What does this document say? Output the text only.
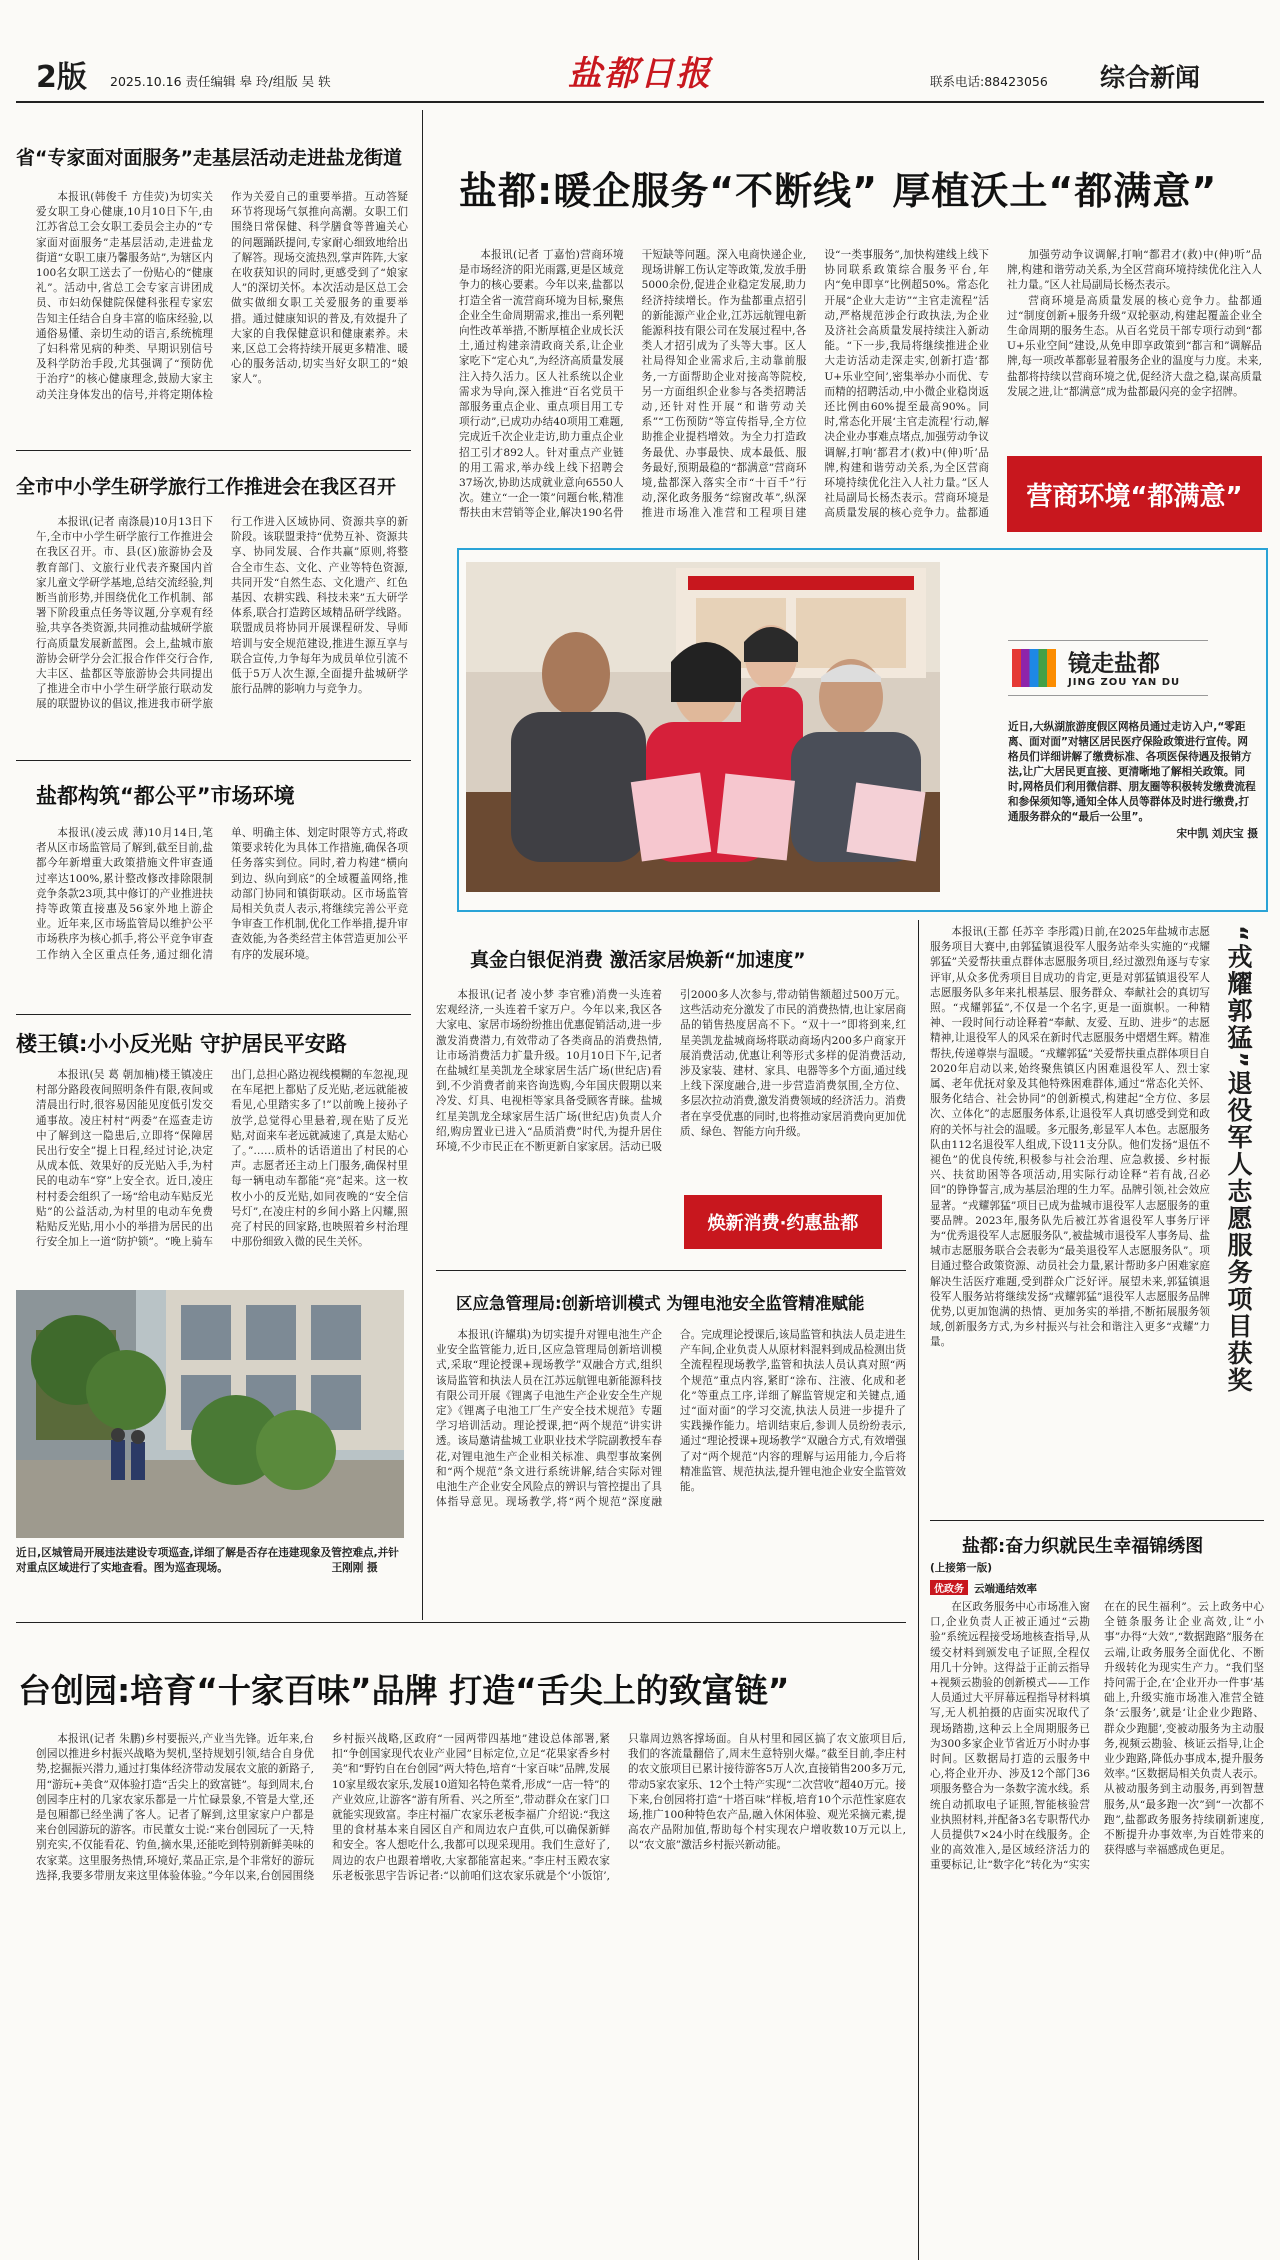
2版 2025.10.16 责任编辑 皋 玲/组版 吴 轶	盐都日报	联系电话:88423056 综合新闻
省“专家面对面服务”走基层活动走进盐龙街道

本报讯(韩俊千 方佳荧)为切实关爱女职工身心健康,10月10日下午,由江苏省总工会女职工委员会主办的“专家面对面服务”走基层活动,走进盐龙街道“女职工康乃馨服务站”,为辖区内100名女职工送去了一份贴心的“健康礼”。活动中,省总工会专家言讲团成员、市妇幼保健院保健科张程专家宏告知主任结合自身丰富的临床经验,以通俗易懂、亲切生动的语言,系统梳理了妇科常见病的种类、早期识别信号及科学防治手段,尤其强调了“预防优于治疗”的核心健康理念,鼓励大家主动关注身体发出的信号,并将定期体检作为关爱自己的重要举措。互动答疑环节将现场气氛推向高潮。女职工们围绕日常保健、科学膳食等普遍关心的问题踊跃提问,专家耐心细致地给出了解答。现场交流热烈,掌声阵阵,大家在收获知识的同时,更感受到了“娘家人”的深切关怀。本次活动是区总工会做实做细女职工关爱服务的重要举措。通过健康知识的普及,有效提升了大家的自我保健意识和健康素养。未来,区总工会将持续开展更多精准、暖心的服务活动,切实当好女职工的“娘家人”。

全市中小学生研学旅行工作推进会在我区召开

本报讯(记者 南涤晨)10月13日下午,全市中小学生研学旅行工作推进会在我区召开。市、县(区)旅游协会及教育部门、文旅行业代表齐聚国内首家儿童文学研学基地,总结交流经验,判断当前形势,并围绕优化工作机制、部署下阶段重点任务等议题,分享观有经验,共享各类资源,共同推动盐城研学旅行高质量发展新蓝图。会上,盐城市旅游协会研学分会汇报合作伴交行合作,大丰区、盐都区等旅游协会共同提出了推进全市中小学生研学旅行联动发展的联盟协议的倡议,推进我市研学旅行工作进入区域协同、资源共享的新阶段。该联盟秉持“优势互补、资源共享、协同发展、合作共赢”原则,将整合全市生态、文化、产业等特色资源,共同开发“自然生态、文化遗产、红色基因、农耕实践、科技未来”五大研学体系,联合打造跨区域精品研学线路。联盟成员将协同开展课程研发、导师培训与安全规范建设,推进生源互享与联合宣传,力争每年为成员单位引流不低于5万人次生源,全面提升盐城研学旅行品牌的影响力与竞争力。

盐都构筑“都公平”市场环境

本报讯(凌云成 薄)10月14日,笔者从区市场监管局了解到,截至目前,盐都今年新增重大政策措施文件审查通过率达100%,累计整改修改排除限制竞争条款23项,其中修订的产业推进扶持等政策直接惠及56家外地上游企业。近年来,区市场监管局以维护公平市场秩序为核心抓手,将公平竞争审查工作纳入全区重点任务,通过细化清单、明确主体、划定时限等方式,将政策要求转化为具体工作措施,确保各项任务落实到位。同时,着力构建“横向到边、纵向到底”的全域覆盖网络,推动部门协同和镇街联动。区市场监管局相关负责人表示,将继续完善公平竞争审查工作机制,优化工作举措,提升审查效能,为各类经营主体营造更加公平有序的发展环境。

楼王镇:小小反光贴 守护居民平安路

本报讯(吴 葛 朝加楠)楼王镇凌庄村部分路段夜间照明条件有限,夜间或清晨出行时,很容易因能见度低引发交通事故。凌庄村村“两委”在巡查走访中了解到这一隐患后,立即将“保障居民出行安全”提上日程,经过讨论,决定从成本低、效果好的反光贴入手,为村民的电动车“穿”上安全衣。近日,凌庄村村委会组织了一场“给电动车贴反光贴”的公益活动,为村里的电动车免费粘贴反光贴,用小小的举措为居民的出行安全加上一道“防护锁”。“晚上骑车出门,总担心路边视线模糊的车忽视,现在车尾把上都贴了反光贴,老远就能被看见,心里踏实多了!”以前晚上接孙子放学,总觉得心里悬着,现在贴了反光贴,对面来车老远就减速了,真是太贴心了。”……质朴的话语道出了村民的心声。志愿者还主动上门服务,确保村里每一辆电动车都能“亮”起来。这一枚枚小小的反光贴,如同夜晚的“安全信号灯”,在凌庄村的乡间小路上闪耀,照亮了村民的回家路,也映照着乡村治理中那份细致入微的民生关怀。

近日,区城管局开展违法建设专项巡查,详细了解是否存在违建现象及管控难点,并针对重点区域进行了实地查看。图为巡查现场。	王刚刚 摄
盐都:暖企服务“不断线” 厚植沃土“都满意”

本报讯(记者 丁嘉怡)营商环境是市场经济的阳光雨露,更是区域竞争力的核心要素。今年以来,盐都以打造全省一流营商环境为目标,聚焦企业全生命周期需求,推出一系列靶向性改革举措,不断厚植企业成长沃土,通过构建亲清政商关系,让企业家吃下“定心丸”,为经济高质量发展注入持久活力。区人社系统以企业需求为导向,深入推进“百名党员干部服务重点企业、重点项目用工专项行动”,已成功办结40项用工难题,完成近千次企业走访,助力重点企业招工引才892人。针对重点产业链的用工需求,举办线上线下招聘会37场次,协助达成就业意向6550人次。建立“一企一策”问题台帐,精准帮扶由末营销等企业,解决190名骨干短缺等问题。深入电商快递企业,现场讲解工伤认定等政策,发放手册5000余份,促进企业稳定发展,助力经济持续增长。作为盐都重点招引的新能源产业企业,江苏远航锂电新能源科技有限公司在发展过程中,各类人才招引成为了头等大事。区人社局得知企业需求后,主动靠前服务,一方面帮助企业对接高等院校,另一方面组织企业参与各类招聘活动,还针对性开展“和谐劳动关系”“工伤预防”等宣传指导,全方位助推企业提档增效。为全力打造政务最优、办事最快、成本最低、服务最好,预期最稳的“都满意”营商环境,盐都深入落实全市“十百千”行动,深化政务服务“综窗改革”,纵深推进市场准入准营和工程项目建设“一类事服务”,加快构建线上线下协同联系政策综合服务平台,年内“免申即享”比例超50%。常态化开展“企业大走访”“主官走流程”活动,严格规范涉企行政执法,为企业及济社会高质量发展持续注入新动能。“下一步,我局将继续推进企业大走访活动走深走实,创新打造‘都U+乐业空间’,密集举办小而优、专而精的招聘活动,中小微企业稳岗返还比例由60%提至最高90%。同时,常态化开展‘主官走流程’行动,解决企业办事难点堵点,加强劳动争议调解,打响‘都君才(救)中(伸)听’品牌,构建和谐劳动关系,为全区营商环境持续优化注入人社力量。”区人社局副局长杨杰表示。营商环境是高质量发展的核心竞争力。盐都通

加强劳动争议调解,打响“都君才(救)中(伸)听”品牌,构建和谐劳动关系,为全区营商环境持续优化注入人社力量。”区人社局副局长杨杰表示。

营商环境是高质量发展的核心竞争力。盐都通过“制度创新+服务升级”双轮驱动,构建起覆盖企业全生命周期的服务生态。从百名党员干部专项行动到“都U+乐业空间”建设,从免申即享政策到“都言和”调解品牌,每一项改革都彰显着服务企业的温度与力度。未来,盐都将持续以营商环境之优,促经济大盘之稳,谋高质量发展之进,让“都满意”成为盐都最闪亮的金字招牌。

营商环境“都满意”
镜走盐都
JING ZOU YAN DU
近日,大纵湖旅游度假区网格员通过走访入户,“零距离、面对面”对辖区居民医疗保险政策进行宣传。网格员们详细讲解了缴费标准、各项医保待遇及报销方法,让广大居民更直接、更清晰地了解相关政策。同时,网格员们利用微信群、朋友圈等积极转发缴费流程和参保须知等,通知全体人员等群体及时进行缴费,打通服务群众的“最后一公里”。
宋中凯 刘庆宝 摄
真金白银促消费 激活家居焕新“加速度”

本报讯(记者 凌小梦 李官雅)消费一头连着宏观经济,一头连着千家万户。今年以来,我区各大家电、家居市场纷纷推出优惠促销活动,进一步激发消费潜力,有效带动了各类商品的消费热情,让市场消费活力扩量升级。10月10日下午,记者在盐城红星美凯龙全球家居生活广场(世纪店)看到,不少消费者前来咨询选购,今年国庆假期以来冷发、灯具、电视柜等家具备受顾客青睐。盐城红星美凯龙全球家居生活广场(世纪店)负责人介绍,购房置业已进入“品质消费”时代,为提升居住环境,不少市民正在不断更新自家家居。活动已吸引2000多人次参与,带动销售额超过500万元。这些活动充分激发了市民的消费热情,也让家居商品的销售热度居高不下。“双十一”即将到来,红星美凯龙盐城商场将联动商场内200多户商家开展消费活动,优惠让利等形式多样的促消费活动,涉及家装、建材、家具、电器等多个方面,通过线上线下深度融合,进一步营造消费氛围,全方位、多层次拉动消费,激发消费领域的经济活力。消费者在享受优惠的同时,也将推动家居消费向更加优质、绿色、智能方向升级。

焕新消费·约惠盐都
区应急管理局:创新培训模式 为锂电池安全监管精准赋能

本报讯(许耀琪)为切实提升对锂电池生产企业安全监管能力,近日,区应急管理局创新培训模式,采取“理论授课+现场教学”双融合方式,组织该局监管和执法人员在江苏远航锂电新能源科技有限公司开展《锂离子电池生产企业安全生产规定》《锂离子电池工厂生产安全技术规范》专题学习培训活动。理论授课,把“两个规范”讲实讲透。该局邀请盐城工业职业技术学院副教授车春花,对锂电池生产企业相关标准、典型事故案例和“两个规范”条文进行系统讲解,结合实际对锂电池生产企业安全风险点的辨识与管控提出了具体指导意见。现场教学,将“两个规范”深度融合。完成理论授课后,该局监管和执法人员走进生产车间,企业负责人从原材料混料到成品检测出货全流程程现场教学,监管和执法人员认真对照“两个规范”重点内容,紧盯“涂布、注液、化成和老化”等重点工序,详细了解监管规定和关键点,通过“面对面”的学习交流,执法人员进一步提升了实践操作能力。培训结束后,参训人员纷纷表示,通过“理论授课+现场教学”双融合方式,有效增强了对“两个规范”内容的理解与运用能力,今后将精准监管、规范执法,提升锂电池企业安全监管效能。

本报讯(王都 任苏辛 李彤霞)日前,在2025年盐城市志愿服务项目大赛中,由郭猛镇退役军人服务站牵头实施的“戎耀郭猛”关爱帮扶重点群体志愿服务项目,经过激烈角逐与专家评审,从众多优秀项目目成功的肯定,更是对郭猛镇退役军人志愿服务队多年来扎根基层、服务群众、奉献社会的真切写照。“戎耀郭猛”,不仅是一个名字,更是一面旗帜。一种精神、一段时间行动诠释着“奉献、友爱、互助、进步”的志愿精神,让退役军人的风采在新时代志愿服务中熠熠生辉。精准帮扶,传递尊崇与温暖。“戎耀郭猛”关爱帮扶重点群体项目自2020年启动以来,始终聚焦镇区内困难退役军人、烈士家属、老年优抚对象及其他特殊困难群体,通过“常态化关怀、服务化结合、社会协同”的创新模式,构建起“全方位、多层次、立体化”的志愿服务体系,让退役军人真切感受到党和政府的关怀与社会的温暖。多元服务,彰显军人本色。志愿服务队由112名退役军人组成,下设11支分队。他们发扬“退伍不褪色”的优良传统,积极参与社会治理、应急救援、乡村振兴、扶贫助困等各项活动,用实际行动诠释“若有战,召必回”的铮铮誓言,成为基层治理的生力军。品牌引领,社会效应显著。“戎耀郭猛”项目已成为盐城市退役军人志愿服务的重要品牌。2023年,服务队先后被江苏省退役军人事务厅评为“优秀退役军人志愿服务队”,被盐城市退役军人事务局、盐城市志愿服务联合会表彰为“最美退役军人志愿服务队”。项目通过整合政策资源、动员社会力量,累计帮助多户困难家庭解决生活医疗难题,受到群众广泛好评。展望未来,郭猛镇退役军人服务站将继续发扬“戎耀郭猛”退役军人志愿服务品牌优势,以更加饱满的热情、更加务实的举措,不断拓展服务领域,创新服务方式,为乡村振兴与社会和谐注入更多“戎耀”力量。	“戎耀郭猛”退役军人志愿服务项目获奖
盐都:奋力织就民生幸福锦绣图
(上接第一版)
优政务 云端通结效率

在区政务服务中心市场准入窗口,企业负责人正被正通过“云勘验”系统远程接受场地核查指导,从缓交材料到颁发电子证照,全程仅用几十分钟。这得益于正前云指导+视频云勘验的创新模式——工作人员通过大平屏幕远程指导材料填写,无人机拍摄的店面实况取代了现场踏勘,这种云上全周期服务已为300多家企业节省近万小时办事时间。区数据局打造的云服务中心,将企业开办、涉及12个部门36项服务整合为一条数字流水线。系统自动抓取电子证照,智能核验营业执照材料,并配备3名专职帮代办人员提供7×24小时在线服务。企业的高效准入,是区域经济活力的重要标记,让“数字化”转化为“实实在在的民生福利”。云上政务中心全链条服务让企业高效,让“小事”办得“大效”,“数据跑路”服务在云端,让政务服务全面优化、不断升级转化为现实生产力。“我们坚持问需于企,在‘企业开办一件事’基础上,升级实施市场准入准营全链条‘云服务’,就是‘让企业少跑路、群众少跑腿’,变被动服务为主动服务,视频云勘验、核证云指导,让企业少跑路,降低办事成本,提升服务效率。”区数据局相关负责人表示。从被动服务到主动服务,再到智慧服务,从“最多跑一次”到“一次都不跑”,盐都政务服务持续刷新速度,不断提升办事效率,为百姓带来的获得感与幸福感成色更足。

台创园:培育“十家百味”品牌 打造“舌尖上的致富链”

本报讯(记者 朱鹏)乡村要振兴,产业当先锋。近年来,台创园以推进乡村振兴战略为契机,坚持规划引领,结合自身优势,挖掘振兴潜力,通过打集体经济带动发展农文旅的新路子,用“游玩+美食”双体验打造“舌尖上的致富链”。每到周末,台创园李庄村的几家农家乐都是一片忙碌景象,不管是大堂,还是包厢都已经坐满了客人。记者了解到,这里家家户户都是来台创园游玩的游客。市民董女士说:“来台创园玩了一天,特别充实,不仅能看花、钓鱼,摘水果,还能吃到特别新鲜美味的农家菜。这里服务热情,环境好,菜品正宗,是个非常好的游玩选择,我要多带朋友来这里体验体验。”今年以来,台创园围绕乡村振兴战略,区政府“一园两带四基地”建设总体部署,紧扣“争创国家现代农业产业园”目标定位,立足“花果家香乡村美”和“野钓自在台创园”两大特色,培育“十家百味”品牌,发展10家星级农家乐,发展10道知名特色菜肴,形成“一店一特”的产业效应,让游客“游有所看、兴之所至”,带动群众在家门口就能实现致富。李庄村福广农家乐老板李福广介绍说:“我这里的食材基本来自园区自产和周边农户直供,可以确保新鲜和安全。客人想吃什么,我都可以现采现用。我们生意好了,周边的农户也跟着增收,大家都能富起来。”李庄村玉殿农家乐老板张思宇告诉记者:“以前咱们这农家乐就是个‘小饭馆’,只靠周边熟客撑场面。自从村里和园区搞了农文旅项目后,我们的客流量翻倍了,周末生意特别火爆。”截至目前,李庄村的农文旅项目已累计接待游客5万人次,直接销售200多万元,带动5家农家乐、12个土特产实现“二次营收”超40万元。接下来,台创园将打造“十塔百味”样板,培育10个示范性家庭农场,推广100种特色农产品,融入休闲体验、观光采摘元素,提高农产品附加值,帮助每个村实现农户增收数10万元以上,以“农文旅”激活乡村振兴新动能。
